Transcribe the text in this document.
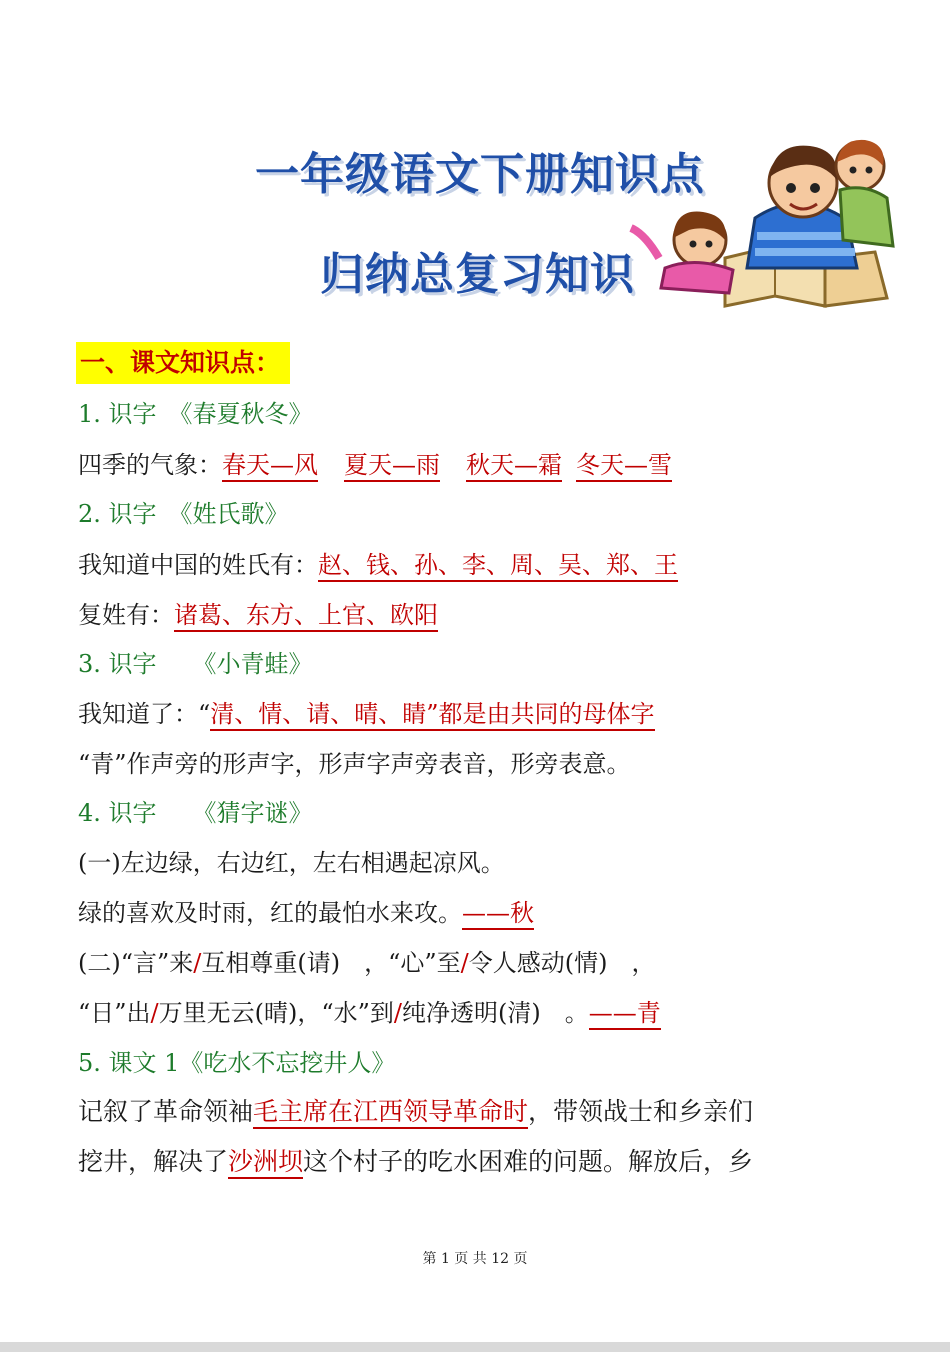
一年级语文下册知识点
归纳总复习知识
一、课文知识点：
1. 识字　《春夏秋冬》
四季的气象：春天—风 夏天—雨 秋天—霜 冬天—雪
2. 识字　《姓氏歌》
我知道中国的姓氏有：赵、钱、孙、李、周、吴、郑、王
复姓有：诸葛、东方、上官、欧阳
3. 识字　　《小青蛙》
我知道了：“清、情、请、晴、睛”都是由共同的母体字
“青”作声旁的形声字，形声字声旁表音，形旁表意。
4. 识字　　《猜字谜》
(一)左边绿，右边红，左右相遇起凉风。
绿的喜欢及时雨，红的最怕水来攻。——秋
(二)“言”来/互相尊重(请)　，“心”至/令人感动(情)　，
“日”出/万里无云(晴)，“水”到/纯净透明(清)　。——青
5. 课文 1《吃水不忘挖井人》
记叙了革命领袖毛主席在江西领导革命时，带领战士和乡亲们
挖井，解决了沙洲坝这个村子的吃水困难的问题。解放后，乡
第 1 页 共 12 页
